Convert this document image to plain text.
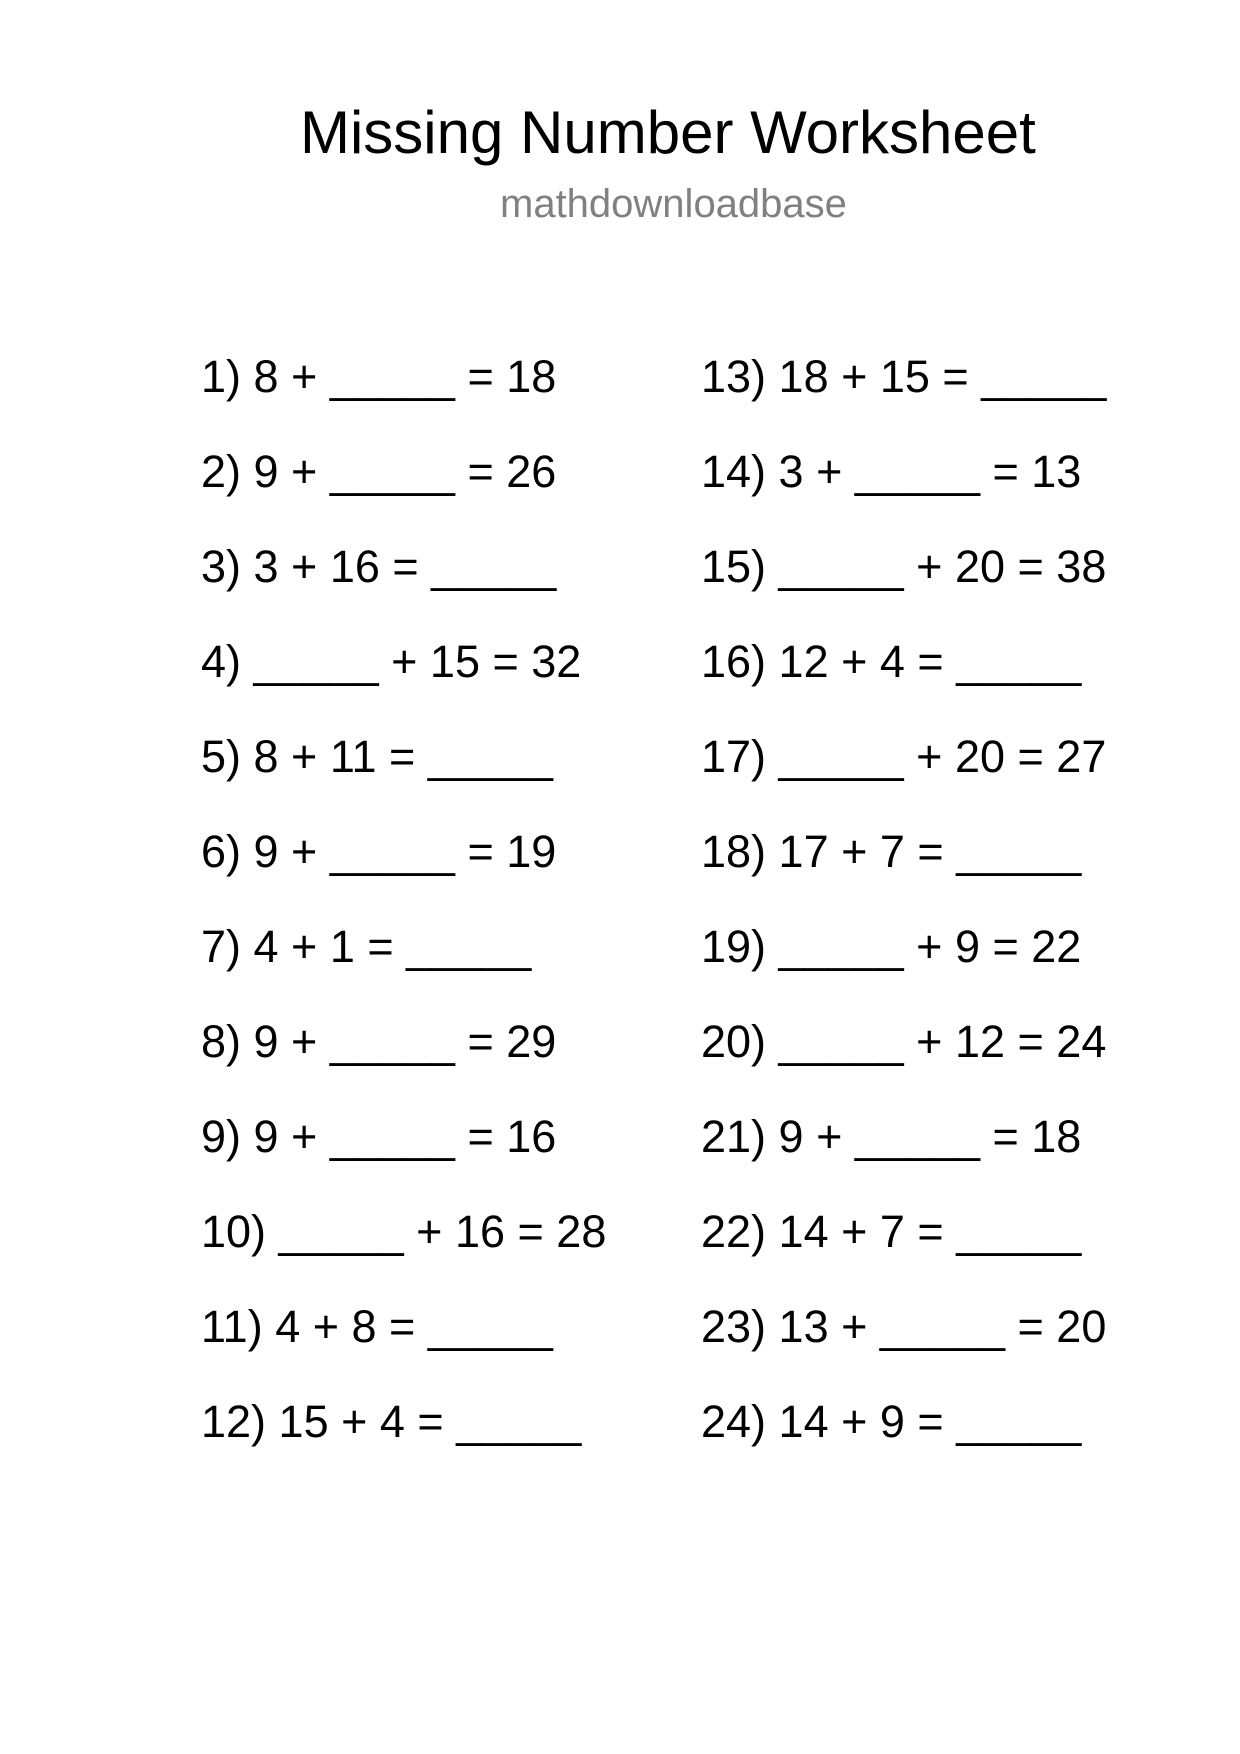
Missing Number Worksheet
mathdownloadbase
1) 8 + _____ = 18
2) 9 + _____ = 26
3) 3 + 16 = _____
4) _____ + 15 = 32
5) 8 + 11 = _____
6) 9 + _____ = 19
7) 4 + 1 = _____
8) 9 + _____ = 29
9) 9 + _____ = 16
10) _____ + 16 = 28
11) 4 + 8 = _____
12) 15 + 4 = _____
13) 18 + 15 = _____
14) 3 + _____ = 13
15) _____ + 20 = 38
16) 12 + 4 = _____
17) _____ + 20 = 27
18) 17 + 7 = _____
19) _____ + 9 = 22
20) _____ + 12 = 24
21) 9 + _____ = 18
22) 14 + 7 = _____
23) 13 + _____ = 20
24) 14 + 9 = _____
